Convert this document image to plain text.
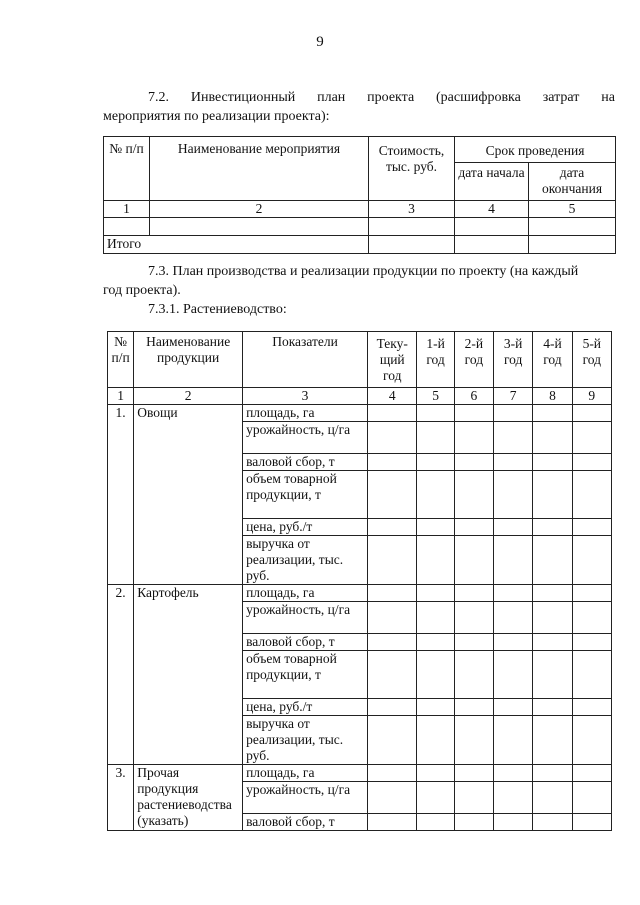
9
7.2. Инвестиционный план проекта (расшифровка затрат на
мероприятия по реализации проекта):
№ п/п	Наименование мероприятия	Стоимость, тыс. руб.	Срок проведения	
			дата начала	дата окончания
1	2	3	4	5

Итого				
7.3. План производства и реализации продукции по проекту (на каждый
год проекта).
7.3.1. Растениеводство:
№ п/п	Наименование продукции	Показатели	Теку-щий год	1-й год	2-й год	3-й год	4-й год	5-й год
1	2	3	4	5	6	7	8	9
1.	Овощи	площадь, га						
		урожайность, ц/га						
		валовой сбор, т						
		объем товарной продукции, т						
		цена, руб./т						
		выручка от реализации, тыс. руб.						
2.	Картофель	площадь, га						
		урожайность, ц/га						
		валовой сбор, т						
		объем товарной продукции, т						
		цена, руб./т						
		выручка от реализации, тыс. руб.						
3.	Прочая продукция растениеводства (указать)	площадь, га						
		урожайность, ц/га						
		валовой сбор, т						
